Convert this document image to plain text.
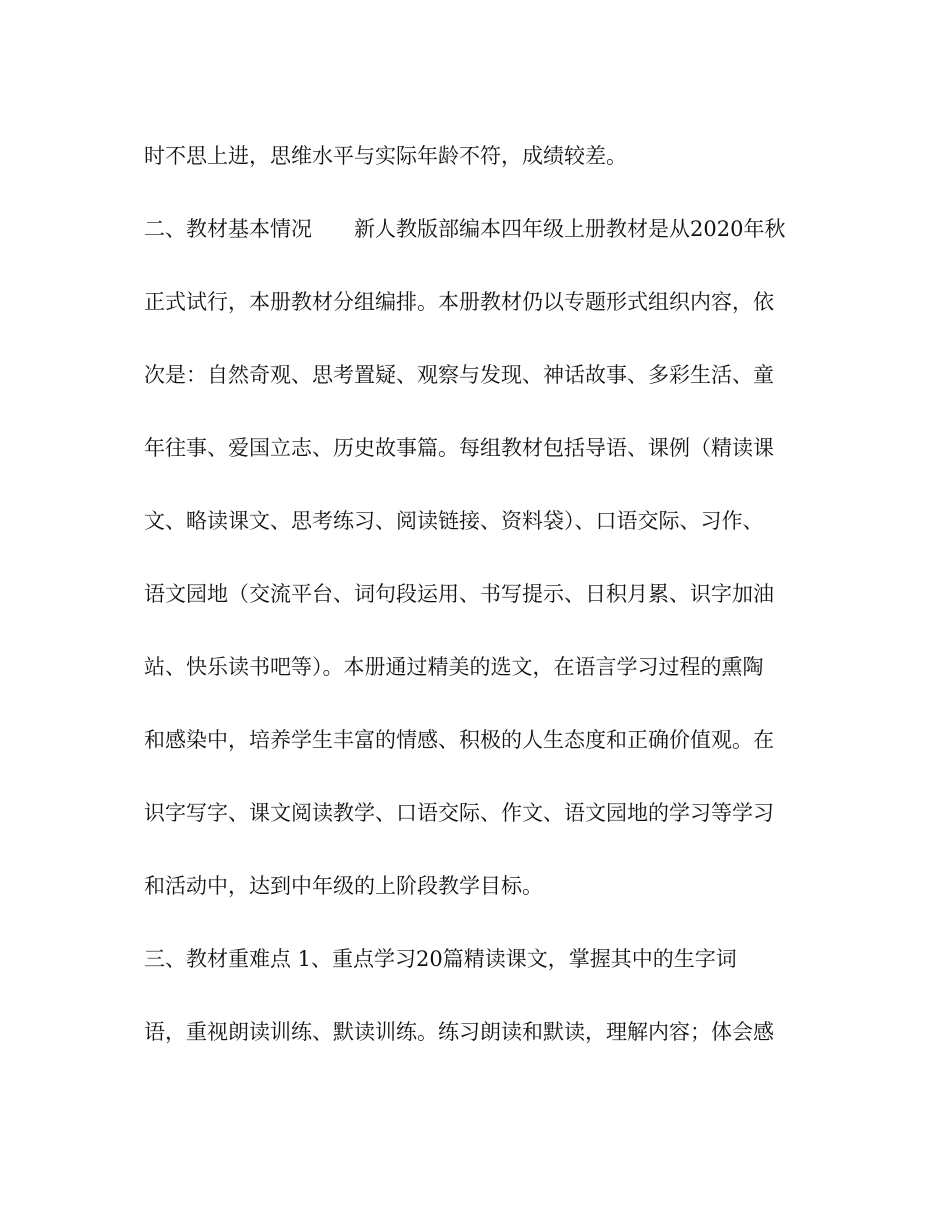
时不思上进，思维水平与实际年龄不符，成绩较差。
二、教材基本情况　　新人教版部编本四年级上册教材是从2020年秋
正式试行，本册教材分组编排。本册教材仍以专题形式组织内容，依
次是：自然奇观、思考置疑、观察与发现、神话故事、多彩生活、童
年往事、爱国立志、历史故事篇。每组教材包括导语、课例（精读课
文、略读课文、思考练习、阅读链接、资料袋）、口语交际、习作、
语文园地（交流平台、词句段运用、书写提示、日积月累、识字加油
站、快乐读书吧等）。本册通过精美的选文，在语言学习过程的熏陶
和感染中，培养学生丰富的情感、积极的人生态度和正确价值观。在
识字写字、课文阅读教学、口语交际、作文、语文园地的学习等学习
和活动中，达到中年级的上阶段教学目标。
三、教材重难点 1、重点学习20篇精读课文，掌握其中的生字词
语，重视朗读训练、默读训练。练习朗读和默读，理解内容；体会感
